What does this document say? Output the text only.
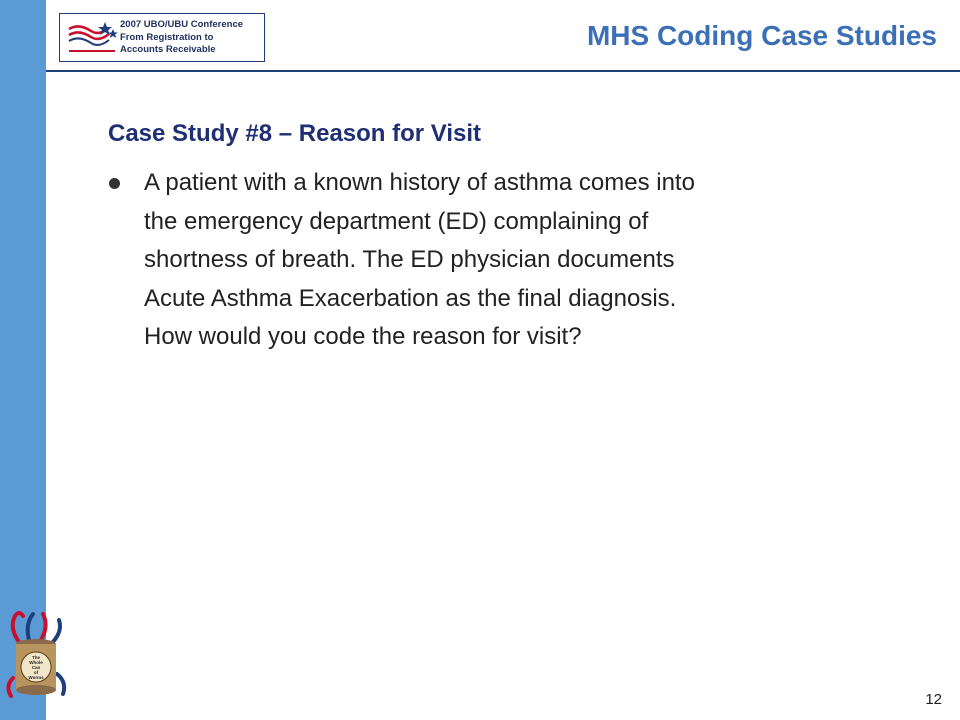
2007 UBO/UBU Conference
From Registration to
Accounts Receivable	MHS Coding Case Studies
Case Study #8 – Reason for Visit
A patient with a known history of asthma comes into
the emergency department (ED) complaining of
shortness of breath. The ED physician documents
Acute Asthma Exacerbation as the final diagnosis.
How would you code the reason for visit?
The
Whole
Can
of
Worms
12
